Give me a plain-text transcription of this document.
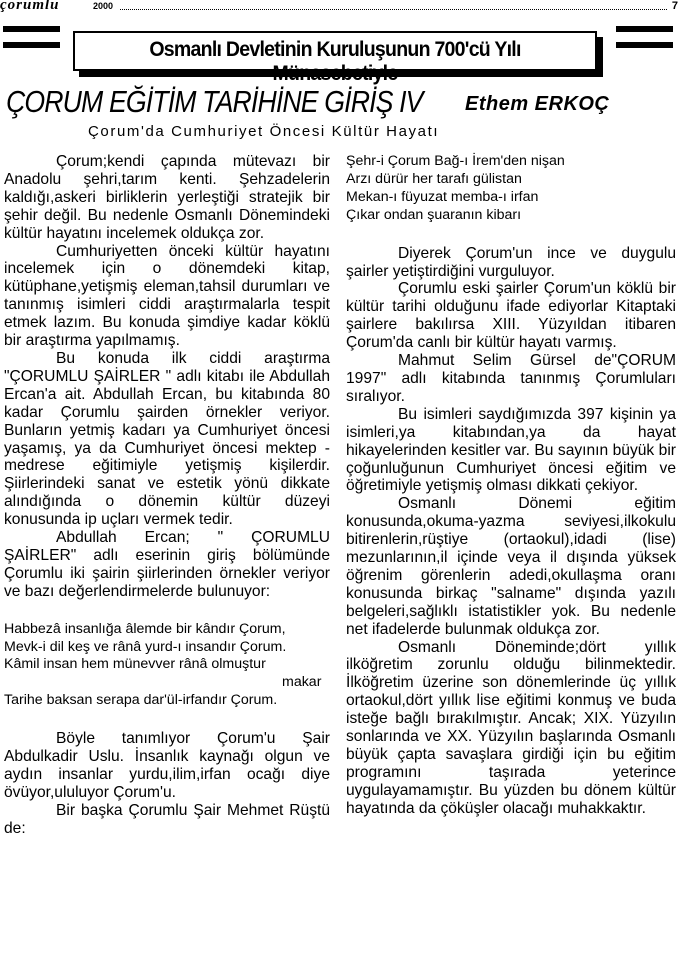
çorumlu	2000	7
Osmanlı Devletinin Kuruluşunun 700'cü Yılı Münasebetiyle
ÇORUM EĞİTİM TARİHİNE GİRİŞ IV Ethem ERKOÇ
Çorum'da Cumhuriyet Öncesi Kültür Hayatı

Çorum;kendi çapında mütevazı bir Anadolu şehri,tarım kenti. Şehzadelerin kaldığı,askeri birliklerin yerleştiği stratejik bir şehir değil. Bu nedenle Osmanlı Dönemindeki kültür hayatını incelemek oldukça zor.

Cumhuriyetten önceki kültür hayatını incelemek için o dönemdeki kitap, kütüphane,yetişmiş eleman,tahsil durumları ve tanınmış isimleri ciddi araştırmalarla tespit etmek lazım. Bu konuda şimdiye kadar köklü bir araştırma yapılmamış.

Bu konuda ilk ciddi araştırma "ÇORUMLU ŞAİRLER " adlı kitabı ile Abdullah Ercan'a ait. Abdullah Ercan, bu kitabında 80 kadar Çorumlu şairden örnekler veriyor. Bunların yetmiş kadarı ya Cumhuriyet öncesi yaşamış, ya da Cumhuriyet öncesi mektep - medrese eğitimiyle yetişmiş kişilerdir. Şiirlerindeki sanat ve estetik yönü dikkate alındığında o dönemin kültür düzeyi konusunda ip uçları vermek tedir.

Abdullah Ercan; " ÇORUMLU ŞAİRLER" adlı eserinin giriş bölümünde Çorumlu iki şairin şiirlerinden örnekler veriyor ve bazı değerlendirmelerde bulunuyor:

Habbezâ insanlığa âlemde bir kândır Çorum,
Mevk-i dil keş ve rânâ yurd-ı insandır Çorum.
Kâmil insan hem münevver rânâ olmuştur
makar
Tarihe baksan serapa dar'ül-irfandır Çorum.

Böyle tanımlıyor Çorum'u Şair Abdulkadir Uslu. İnsanlık kaynağı olgun ve aydın insanlar yurdu,ilim,irfan ocağı diye övüyor,ululuyor Çorum'u.

Bir başka Çorumlu Şair Mehmet Rüştü de:

Şehr-i Çorum Bağ-ı İrem'den nişan
Arzı dürür her tarafı gülistan
Mekan-ı füyuzat memba-ı irfan
Çıkar ondan şuaranın kibarı

Diyerek Çorum'un ince ve duygulu şairler yetiştirdiğini vurguluyor.

Çorumlu eski şairler Çorum'un köklü bir kültür tarihi olduğunu ifade ediyorlar Kitaptaki şairlere bakılırsa XIII. Yüzyıldan itibaren Çorum'da canlı bir kültür hayatı varmış.

Mahmut Selim Gürsel de"ÇORUM 1997" adlı kitabında tanınmış Çorumluları sıralıyor.

Bu isimleri saydığımızda 397 kişinin ya isimleri,ya kitabından,ya da hayat hikayelerinden kesitler var. Bu sayının büyük bir çoğunluğunun Cumhuriyet öncesi eğitim ve öğretimiyle yetişmiş olması dikkati çekiyor.

Osmanlı Dönemi eğitim konusunda,okuma-yazma seviyesi,ilkokulu bitirenlerin,rüştiye (ortaokul),idadi (lise) mezunlarının,il içinde veya il dışında yüksek öğrenim görenlerin adedi,okullaşma oranı konusunda birkaç "salname" dışında yazılı belgeleri,sağlıklı istatistikler yok. Bu nedenle net ifadelerde bulunmak oldukça zor.

Osmanlı Döneminde;dört yıllık ilköğretim zorunlu olduğu bilinmektedir. İlköğretim üzerine son dönemlerinde üç yıllık ortaokul,dört yıllık lise eğitimi konmuş ve buda isteğe bağlı bırakılmıştır. Ancak; XIX. Yüzyılın sonlarında ve XX. Yüzyılın başlarında Osmanlı büyük çapta savaşlara girdiği için bu eğitim programını taşırada yeterince uygulayamamıştır. Bu yüzden bu dönem kültür hayatında da çöküşler olacağı muhakkaktır.
